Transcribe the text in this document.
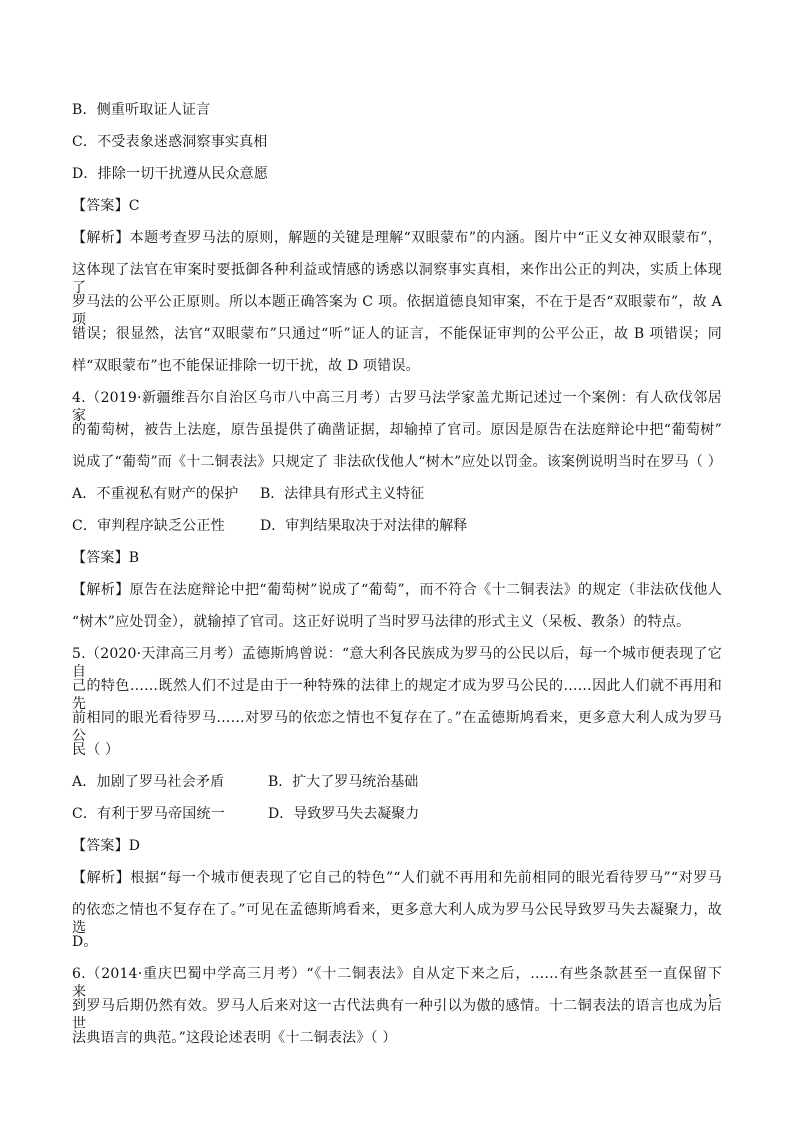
B．侧重听取证人证言
C．不受表象迷惑洞察事实真相
D．排除一切干扰遵从民众意愿
【答案】C
【解析】本题考查罗马法的原则，解题的关键是理解“双眼蒙布”的内涵。图片中“正义女神双眼蒙布”，
这体现了法官在审案时要抵御各种利益或情感的诱惑以洞察事实真相，来作出公正的判决，实质上体现了
罗马法的公平公正原则。所以本题正确答案为 C 项。依据道德良知审案，不在于是否“双眼蒙布”，故 A 项
错误；很显然，法官“双眼蒙布”只通过“听”证人的证言，不能保证审判的公平公正，故 B 项错误；同
样“双眼蒙布”也不能保证排除一切干扰，故 D 项错误。
4.（2019·新疆维吾尔自治区乌市八中高三月考）古罗马法学家盖尤斯记述过一个案例：有人砍伐邻居家
的葡萄树，被告上法庭，原告虽提供了确凿证据，却输掉了官司。原因是原告在法庭辩论中把“葡萄树”
说成了“葡萄”而《十二铜表法》只规定了 非法砍伐他人“树木”应处以罚金。该案例说明当时在罗马（ ）
A．不重视私有财产的保护 B．法律具有形式主义特征
C．审判程序缺乏公正性	D．审判结果取决于对法律的解释
【答案】B
【解析】原告在法庭辩论中把“葡萄树”说成了“葡萄”，而不符合《十二铜表法》的规定（非法砍伐他人
“树木”应处罚金），就输掉了官司。这正好说明了当时罗马法律的形式主义（呆板、教条）的特点。
5.（2020·天津高三月考）孟德斯鸠曾说：“意大利各民族成为罗马的公民以后，每一个城市便表现了它自
己的特色……既然人们不过是由于一种特殊的法律上的规定才成为罗马公民的……因此人们就不再用和先
前相同的眼光看待罗马……对罗马的依恋之情也不复存在了。”在孟德斯鸠看来，更多意大利人成为罗马公
民（ ）
A．加剧了罗马社会矛盾	B．扩大了罗马统治基础
C．有利于罗马帝国统一	D．导致罗马失去凝聚力
【答案】D
【解析】根据“每一个城市便表现了它自己的特色”“人们就不再用和先前相同的眼光看待罗马”“对罗马
的依恋之情也不复存在了。”可见在孟德斯鸠看来，更多意大利人成为罗马公民导致罗马失去凝聚力，故选
D。
6.（2014·重庆巴蜀中学高三月考）“《十二铜表法》自从定下来之后，……有些条款甚至一直保留下来，
到罗马后期仍然有效。罗马人后来对这一古代法典有一种引以为傲的感情。十二铜表法的语言也成为后世
法典语言的典范。”这段论述表明《十二铜表法》（ ）
